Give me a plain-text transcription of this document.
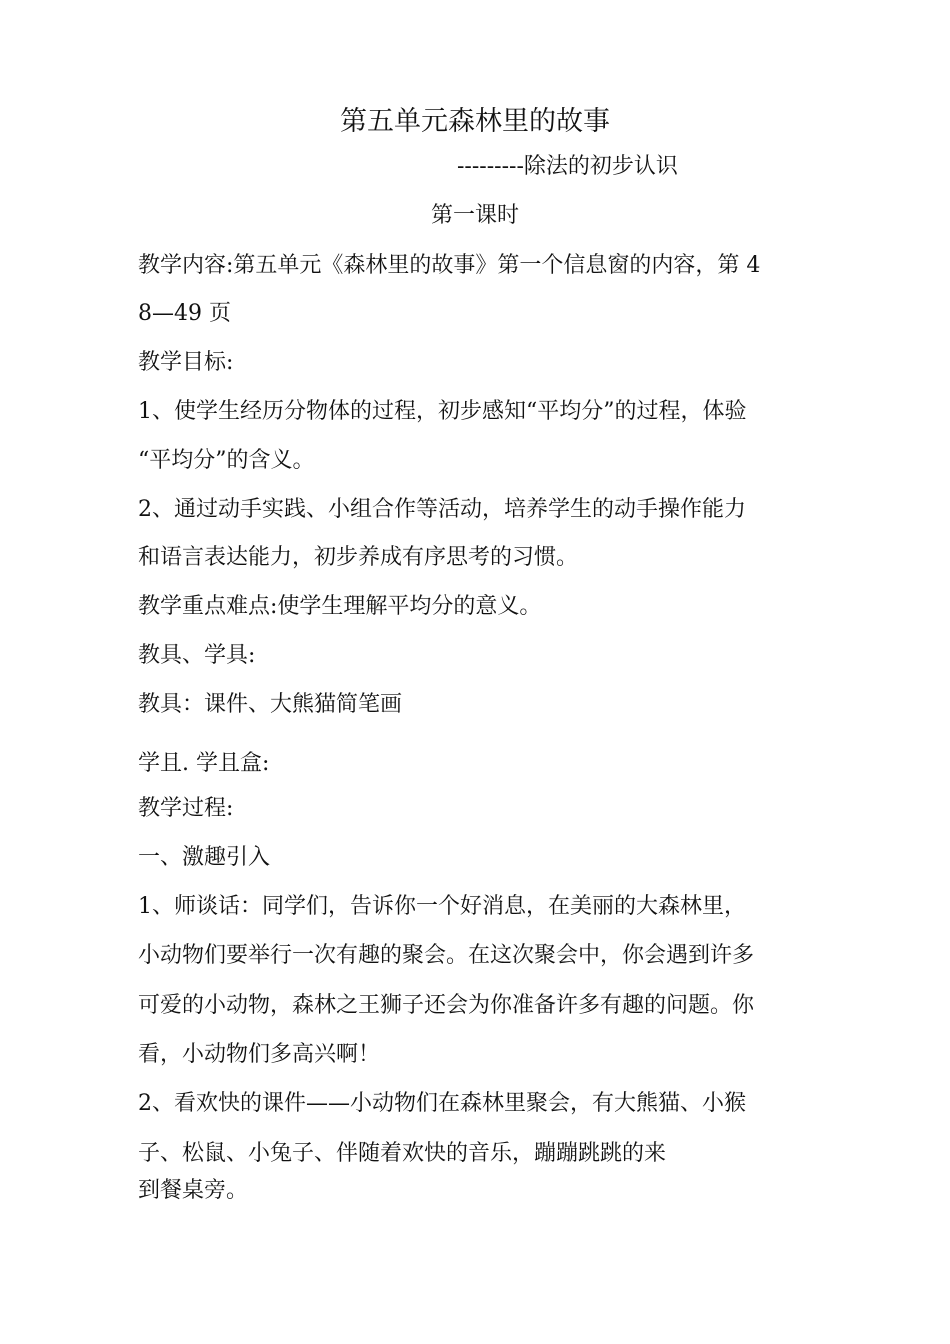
第五单元森林里的故事
---------除法的初步认识
第一课时
教学内容:第五单元《森林里的故事》第一个信息窗的内容，第 4
8—49 页
教学目标:
1、使学生经历分物体的过程，初步感知“平均分”的过程，体验
“平均分”的含义。
2、通过动手实践、小组合作等活动，培养学生的动手操作能力
和语言表达能力，初步养成有序思考的习惯。
教学重点难点:使学生理解平均分的意义。
教具、学具:
教具：课件、大熊猫简笔画
学且. 学且盒:
教学过程:
一、激趣引入
1、师谈话：同学们，告诉你一个好消息，在美丽的大森林里，
小动物们要举行一次有趣的聚会。在这次聚会中，你会遇到许多
可爱的小动物，森林之王狮子还会为你准备许多有趣的问题。你
看，小动物们多高兴啊！
2、看欢快的课件——小动物们在森林里聚会，有大熊猫、小猴
子、松鼠、小兔子、伴随着欢快的音乐，蹦蹦跳跳的来
到餐桌旁。
